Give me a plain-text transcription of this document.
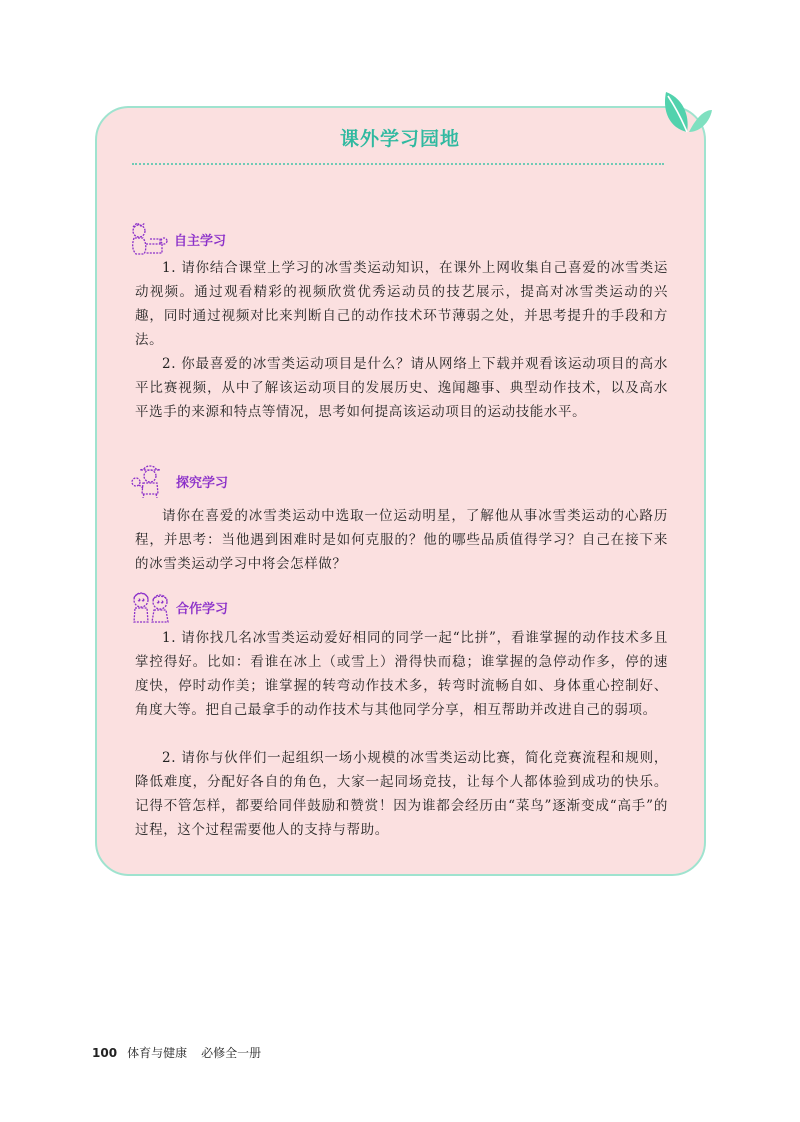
课外学习园地
自主学习

1. 请你结合课堂上学习的冰雪类运动知识，在课外上网收集自己喜爱的冰雪类运动视频。通过观看精彩的视频欣赏优秀运动员的技艺展示，提高对冰雪类运动的兴趣，同时通过视频对比来判断自己的动作技术环节薄弱之处，并思考提升的手段和方法。

2. 你最喜爱的冰雪类运动项目是什么？请从网络上下载并观看该运动项目的高水平比赛视频，从中了解该运动项目的发展历史、逸闻趣事、典型动作技术，以及高水平选手的来源和特点等情况，思考如何提高该运动项目的运动技能水平。

探究学习

请你在喜爱的冰雪类运动中选取一位运动明星，了解他从事冰雪类运动的心路历程，并思考：当他遇到困难时是如何克服的？他的哪些品质值得学习？自己在接下来的冰雪类运动学习中将会怎样做？

合作学习

1. 请你找几名冰雪类运动爱好相同的同学一起“比拼”，看谁掌握的动作技术多且掌控得好。比如：看谁在冰上（或雪上）滑得快而稳；谁掌握的急停动作多，停的速度快，停时动作美；谁掌握的转弯动作技术多，转弯时流畅自如、身体重心控制好、角度大等。把自己最拿手的动作技术与其他同学分享，相互帮助并改进自己的弱项。

2. 请你与伙伴们一起组织一场小规模的冰雪类运动比赛，简化竞赛流程和规则，降低难度，分配好各自的角色，大家一起同场竞技，让每个人都体验到成功的快乐。记得不管怎样，都要给同伴鼓励和赞赏！因为谁都会经历由“菜鸟”逐渐变成“高手”的过程，这个过程需要他人的支持与帮助。

100 体育与健康 必修全一册
